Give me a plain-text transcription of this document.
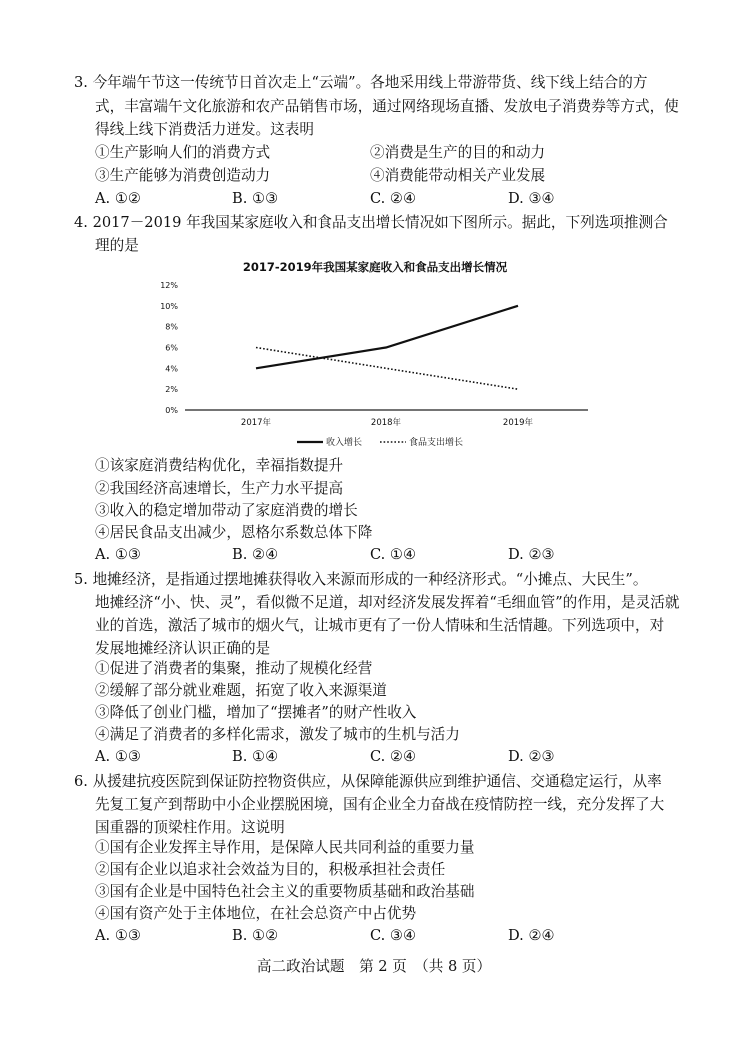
3. 今年端午节这一传统节日首次走上“云端”。各地采用线上带游带货、线下线上结合的方
式，丰富端午文化旅游和农产品销售市场，通过网络现场直播、发放电子消费券等方式，使
得线上线下消费活力迸发。这表明
①生产影响人们的消费方式	②消费是生产的目的和动力
③生产能够为消费创造动力	④消费能带动相关产业发展
A. ①②	B. ①③	C. ②④	D. ③④
4. 2017－2019 年我国某家庭收入和食品支出增长情况如下图所示。据此，下列选项推测合
理的是
2017-2019年我国某家庭收入和食品支出增长情况
0%
2%
4%
6%
8%
10%
12%
2017年	2018年	2019年
收入增长	食品支出增长
①该家庭消费结构优化，幸福指数提升
②我国经济高速增长，生产力水平提高
③收入的稳定增加带动了家庭消费的增长
④居民食品支出减少，恩格尔系数总体下降
A. ①③	B. ②④	C. ①④	D. ②③
5. 地摊经济，是指通过摆地摊获得收入来源而形成的一种经济形式。“小摊点、大民生”。
地摊经济“小、快、灵”，看似微不足道，却对经济发展发挥着“毛细血管”的作用，是灵活就
业的首选，激活了城市的烟火气，让城市更有了一份人情味和生活情趣。下列选项中，对
发展地摊经济认识正确的是
①促进了消费者的集聚，推动了规模化经营
②缓解了部分就业难题，拓宽了收入来源渠道
③降低了创业门槛，增加了“摆摊者”的财产性收入
④满足了消费者的多样化需求，激发了城市的生机与活力
A. ①③	B. ①④	C. ②④	D. ②③
6. 从援建抗疫医院到保证防控物资供应，从保障能源供应到维护通信、交通稳定运行，从率
先复工复产到帮助中小企业摆脱困境，国有企业全力奋战在疫情防控一线，充分发挥了大
国重器的顶梁柱作用。这说明
①国有企业发挥主导作用，是保障人民共同利益的重要力量
②国有企业以追求社会效益为目的，积极承担社会责任
③国有企业是中国特色社会主义的重要物质基础和政治基础
④国有资产处于主体地位，在社会总资产中占优势
A. ①③	B. ①②	C. ③④	D. ②④
高二政治试题　第 2 页　（共 8 页）
